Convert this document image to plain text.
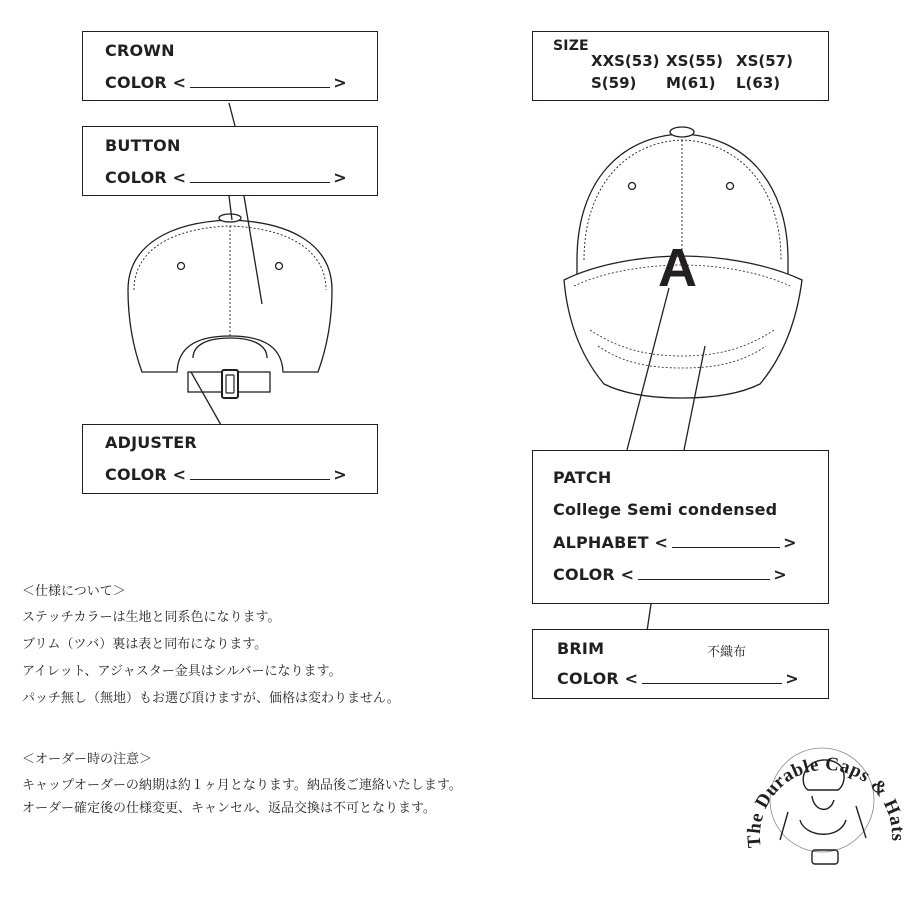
CROWN
COLOR <	>
BUTTON
COLOR <	>
ADJUSTER
COLOR <	>
SIZE
XXS(53) XS(55) XS(57)
S(59) M(61) L(63)
A
PATCH
College Semi condensed
ALPHABET <	>
COLOR <	>
BRIM	不織布
COLOR <	>
＜仕様について＞
ステッチカラーは生地と同系色になります。
ブリム（ツバ）裏は表と同布になります。
アイレット、アジャスター金具はシルバーになります。
パッチ無し（無地）もお選び頂けますが、価格は変わりません。
＜オーダー時の注意＞
キャップオーダーの納期は約１ヶ月となります。納品後ご連絡いたします。
オーダー確定後の仕様変更、キャンセル、返品交換は不可となります。
The Durable Caps & Hats
